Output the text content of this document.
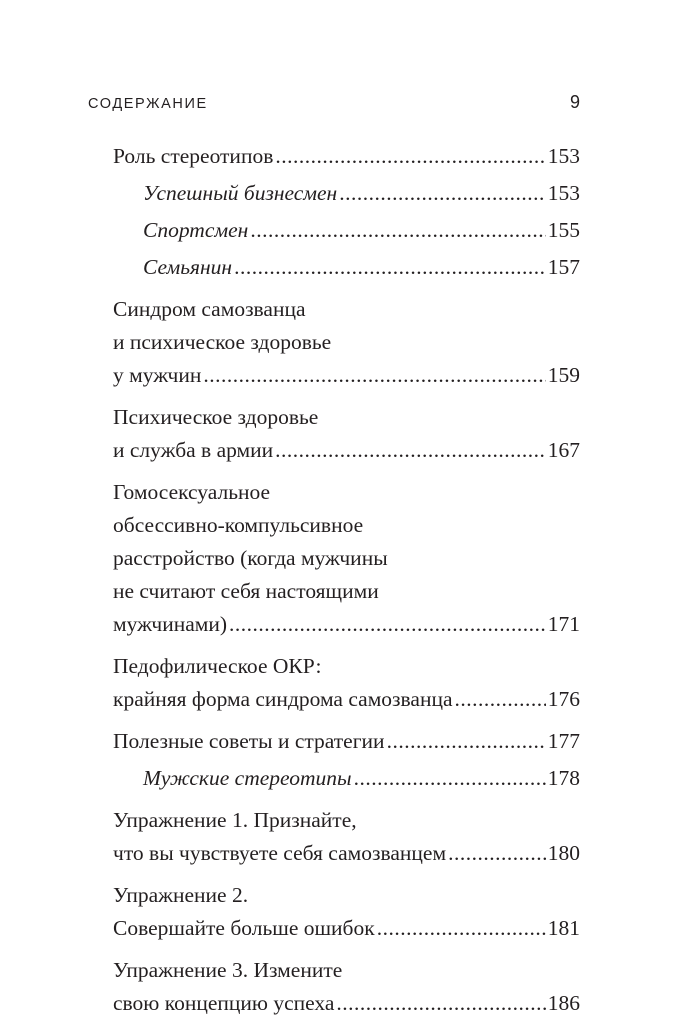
СОДЕРЖАНИЕ	9
Роль стереотипов .....	153
Успешный бизнесмен .....	153
Спортсмен .....	155
Семьянин .....	157
Синдром самозванца
и психическое здоровье
у мужчин .....	159
Психическое здоровье
и служба в армии .....	167
Гомосексуальное
обсессивно-компульсивное
расстройство (когда мужчины
не считают себя настоящими
мужчинами) .....	171
Педофилическое ОКР:
крайняя форма синдрома самозванца .....	176
Полезные советы и стратегии .....	177
Мужские стереотипы .....	178
Упражнение 1. Признайте,
что вы чувствуете себя самозванцем .....	180
Упражнение 2.
Совершайте больше ошибок .....	181
Упражнение 3. Измените
свою концепцию успеха .....	186
